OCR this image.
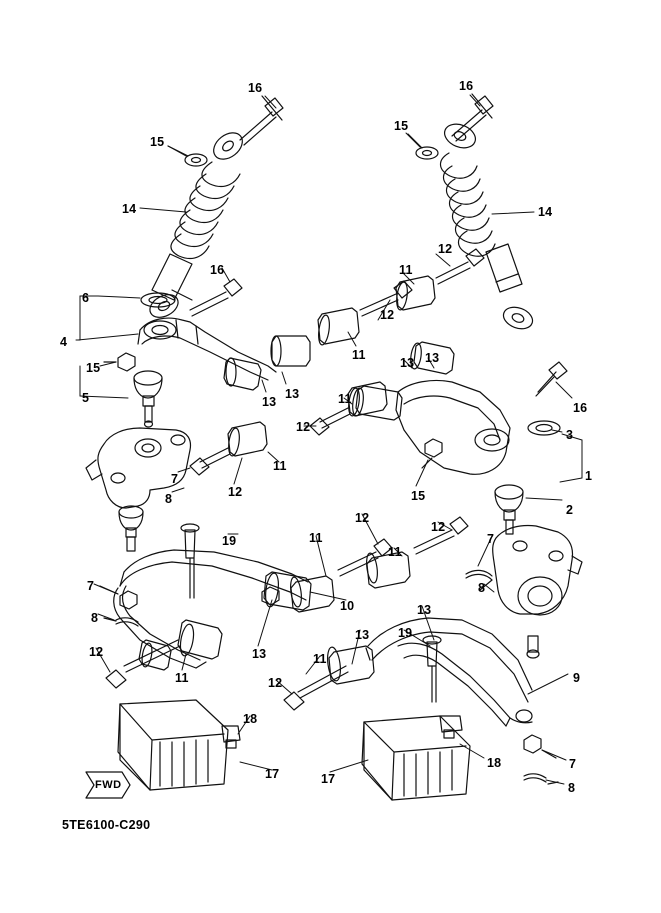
FWD
5TE6100-C290
16	16
15
15
14	14
6
16
12
11
4
12
11
13 13
15
13
13
5
16
11
12
3
1
11
15
7
12
8
2
12
11
12
11
19	7
10
8
13
7
8
13
13 19
12
11
11
12	9
18
18
17	17
7
8
